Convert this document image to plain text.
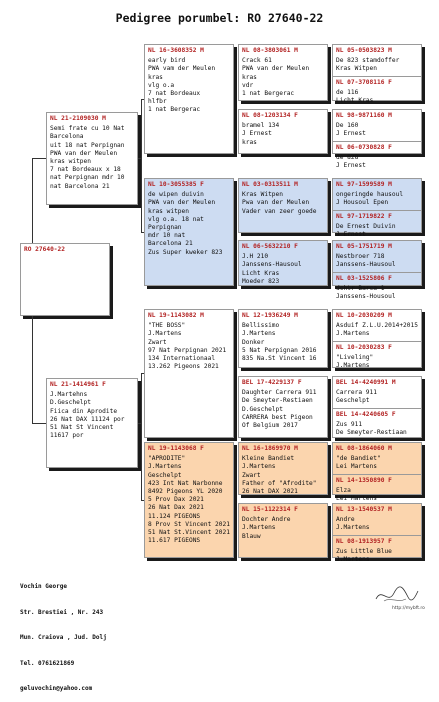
Pedigree porumbel: RO 27640-22
RO 27640-22
NL 21-2109030 M
Semi frate cu 10 Nat
Barcelona
uit 18 nat Perpignan
PWA van der Meulen
kras witpen
7 nat Bordeaux x 18
nat Perpignan mdr 10
nat Barcelona 21
NL 21-1414961 F
J.Martehns
D.Geschelpt
Fiica din Aprodite
26 Nat DAX 11124 por
51 Nat St Vincent
11617 por
NL 16-3608352 M
early bird
PWA vam der Meulen
kras
vlg o.a
7 nat Bordeaux
hlfbr
1 nat Bergerac
NL 10-3055385 F
de wipen duivin
PWA van der Meulen
kras witpen
vlg o.a. 18 nat
Perpignan
mdr 10 nat
Barcelona 21
Zus Super kweker 823
NL 19-1143082 M
"THE BOSS"
J.Martens
Zwart
97 Nat Perpignan 2021
134 Internationaal
13.262 Pigeons 2021
NL 19-1143068 F
"APRODITE"
J.Martens
Geschelpt
423 Int Nat Narbonne
8492 Pigeons YL 2020
5 Prov Dax 2021
26 Nat Dax 2021
11.124 PIGEONS
8 Prov St Vincent 2021
51 Nat St.Vincent 2021
11.617 PIGEONS
NL 08-3803061 M
Crack 61
PWA van der Meulen
kras
vdr
1 nat Bergerac
NL 08-1203134 F
bramel 134
J Ernest
kras
NL 03-0313511 M
Kras Witpen
Pwa van der Meulen
Vader van zeer goede
NL 06-5632210 F
J.H 210
Janssens-Hausoul
Licht Kras
Moeder 823
NL 12-1936249 M
Bellissimo
J.Martens
Donker
5 Nat Perpignan 2016
835 Na.St Vincent 16
BEL 17-4229137 F
Daughter Carrera 911
De Smeyter-Restiaen
D.Geschelpt
CARRERA best Pigeon
Of Belgium 2017
NL 16-1869970 M
Kleine Bandiet
J.Martens
Zwart
Father of "Afrodite"
26 Nat DAX 2021
NL 15-1122314 F
Dochter Andre
J.Martens
Blauw
NL 05-0503823 M
De 823 stamdoffer
Kras Witpen
NL 07-3708116 F
de 116
Licht Kras
NL 98-9871160 M
De 160
J Ernest
NL 06-0730828 F
de 828
J Ernest
NL 97-1599589 M
ongeringde hausoul
J Housoul Epen
NL 97-1719822 F
De Ernest Duivin
J Ernest
NL 05-1751719 M
Nestbroer 718
Janssens-Hausoul
NL 03-1525806 F
dchtr Barca 1
Janssens-Housoul
NL 10-2030209 M
Asduif Z.L.U.2014+2015
J.Martens
NL 10-2030283 F
"Liveling"
J.Martens
BEL 14-4240991 M
Carrera 911
Geschelpt
BEL 14-4240605 F
Zus 911
De Smeyter-Restiaan
NL 08-1864060 M
"de Bandiet"
Lei Martens
NL 14-1350890 F
Elza
Lei Martens
NL 13-1540537 M
Andre
J.Martens
NL 08-1913957 F
Zus Little Blue
J.Martens

Vochin George

Str. Brestiei , Nr. 243

Mun. Craiova , Jud. Dolj

Tel. 0761621869

geluvochin@yahoo.com

http://mybft.ro
